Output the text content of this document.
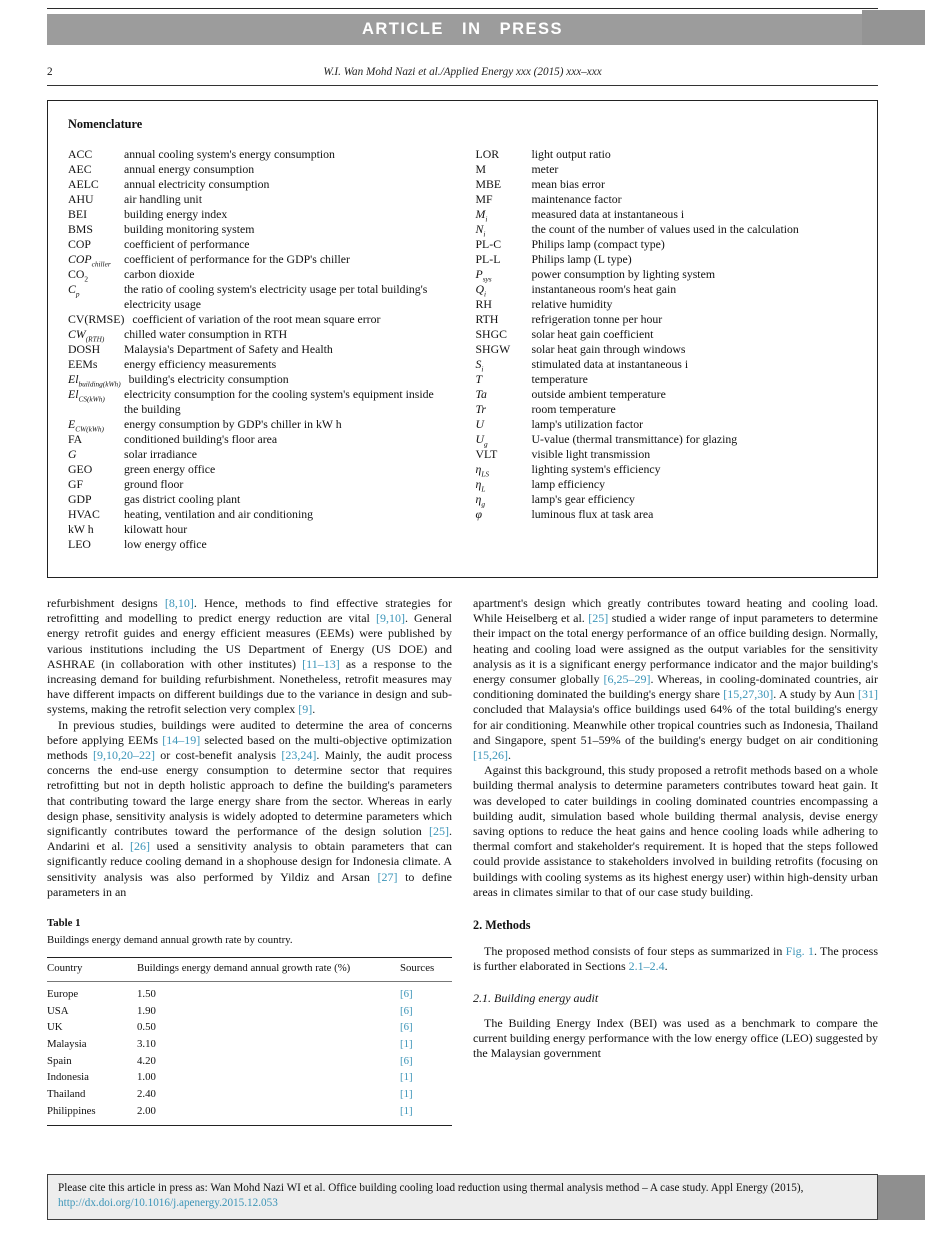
ARTICLE IN PRESS
2	W.I. Wan Mohd Nazi et al./Applied Energy xxx (2015) xxx–xxx
Nomenclature
ACC	annual cooling system's energy consumption
AEC	annual energy consumption
AELC	annual electricity consumption
AHU	air handling unit
BEI	building energy index
BMS	building monitoring system
COP	coefficient of performance
$COP_{chiller}$	coefficient of performance for the GDP's chiller
$CO_2$	carbon dioxide
$C_p$	the ratio of cooling system's electricity usage per total building's electricity usage
CV(RMSE) coefficient of variation of the root mean square error
$CW_{(RTH)}$	chilled water consumption in RTH
DOSH	Malaysia's Department of Safety and Health
EEMs	energy efficiency measurements
$El_{building(kWh)}$ building's electricity consumption
$El_{CS(kWh)}$	electricity consumption for the cooling system's equipment inside the building
$E_{CW(kWh)}$	energy consumption by GDP's chiller in kW h
FA	conditioned building's floor area
G	solar irradiance
GEO	green energy office
GF	ground floor
GDP	gas district cooling plant
HVAC	heating, ventilation and air conditioning
kW h	kilowatt hour
LEO	low energy office
LOR	light output ratio
M	meter
MBE	mean bias error
MF	maintenance factor
$M_i$	measured data at instantaneous i
$N_i$	the count of the number of values used in the calculation
PL-C	Philips lamp (compact type)
PL-L	Philips lamp (L type)
$P_{sys}$	power consumption by lighting system
$Q_i$	instantaneous room's heat gain
RH	relative humidity
RTH	refrigeration tonne per hour
SHGC	solar heat gain coefficient
SHGW	solar heat gain through windows
$S_i$	stimulated data at instantaneous i
T	temperature
Ta	outside ambient temperature
Tr	room temperature
U	lamp's utilization factor
$U_g$	U-value (thermal transmittance) for glazing
VLT	visible light transmission
$\eta_{LS}$	lighting system's efficiency
$\eta_L$	lamp efficiency
$\eta_g$	lamp's gear efficiency
φ	luminous flux at task area

refurbishment designs [8,10]. Hence, methods to find effective strategies for retrofitting and modelling to predict energy reduction are vital [9,10]. General energy retrofit guides and energy efficient measures (EEMs) were published by various institutions including the US Department of Energy (US DOE) and ASHRAE (in collaboration with other institutes) [11–13] as a response to the increasing demand for building refurbishment. Nonetheless, retrofit measures may have different impacts on different buildings due to the variance in design and sub-systems, making the retrofit selection very complex [9].

In previous studies, buildings were audited to determine the area of concerns before applying EEMs [14–19] selected based on the multi-objective optimization methods [9,10,20–22] or cost-benefit analysis [23,24]. Mainly, the audit process concerns the end-use energy consumption to determine sector that requires retrofitting but not in depth holistic approach to define the building's parameters that contributing toward the large energy share from the sector. Whereas in early design phase, sensitivity analysis is widely adopted to determine parameters which significantly contributes toward the performance of the design solution [25]. Andarini et al. [26] used a sensitivity analysis to obtain parameters that can significantly reduce cooling demand in a shophouse design for Indonesia climate. A sensitivity analysis was also performed by Yildiz and Arsan [27] to define parameters in an

Table 1
Buildings energy demand annual growth rate by country.
Country	Buildings energy demand annual growth rate (%)	Sources
Europe	1.50	[6]
USA	1.90	[6]
UK	0.50	[6]
Malaysia	3.10	[1]
Spain	4.20	[6]
Indonesia	1.00	[1]
Thailand	2.40	[1]
Philippines	2.00	[1]

apartment's design which greatly contributes toward heating and cooling load. While Heiselberg et al. [25] studied a wider range of input parameters to determine their impact on the total energy performance of an office building design. Normally, heating and cooling load were assigned as the output variables for the sensitivity analysis as it is a significant energy performance indicator and the major building's energy consumer globally [6,25–29]. Whereas, in cooling-dominated countries, air conditioning dominated the building's energy share [15,27,30]. A study by Aun [31] concluded that Malaysia's office buildings used 64% of the total building's energy for air conditioning. Meanwhile other tropical countries such as Indonesia, Thailand and Singapore, spent 51–59% of the building's energy budget on air conditioning [15,26].

Against this background, this study proposed a retrofit methods based on a whole building thermal analysis to determine parameters contributes toward heat gain. It was developed to cater buildings in cooling dominated countries encompassing a building audit, simulation based whole building thermal analysis, devise energy saving options to reduce the heat gains and hence cooling loads while adhering to thermal comfort and stakeholder's requirement. It is hoped that the steps followed could provide assistance to stakeholders involved in building retrofits (focusing on buildings with cooling systems as its highest energy user) within high-density urban areas in climates similar to that of our case study building.

2. Methods

The proposed method consists of four steps as summarized in Fig. 1. The process is further elaborated in Sections 2.1–2.4.

2.1. Building energy audit

The Building Energy Index (BEI) was used as a benchmark to compare the current building energy performance with the low energy office (LEO) suggested by the Malaysian government

Please cite this article in press as: Wan Mohd Nazi WI et al. Office building cooling load reduction using thermal analysis method – A case study. Appl Energy (2015), http://dx.doi.org/10.1016/j.apenergy.2015.12.053
